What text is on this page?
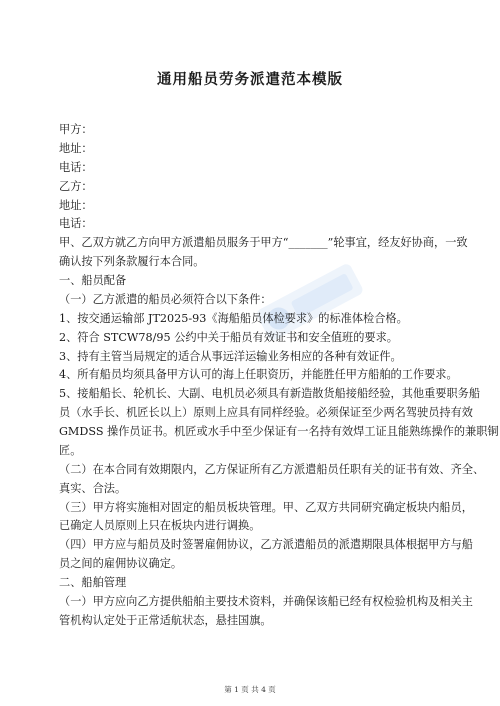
通用船员劳务派遣范本模版
甲方：
地址：
电话：
乙方：
地址：
电话：
甲、乙双方就乙方向甲方派遣船员服务于甲方“_______”轮事宜，经友好协商，一致
确认按下列条款履行本合同。
一、船员配备
（一）乙方派遣的船员必须符合以下条件：
1、按交通运输部 JT2025-93《海船船员体检要求》的标准体检合格。
2、符合 STCW78/95 公约中关于船员有效证书和安全值班的要求。
3、持有主管当局规定的适合从事远洋运输业务相应的各种有效证件。
4、所有船员均须具备甲方认可的海上任职资历，并能胜任甲方船舶的工作要求。
5、接船船长、轮机长、大副、电机员必须具有新造散货船接船经验，其他重要职务船
员（水手长、机匠长以上）原则上应具有同样经验。必须保证至少两名驾驶员持有效
GMDSS 操作员证书。机匠或水手中至少保证有一名持有效焊工证且能熟练操作的兼职铜
匠。
（二）在本合同有效期限内，乙方保证所有乙方派遣船员任职有关的证书有效、齐全、
真实、合法。
（三）甲方将实施相对固定的船员板块管理。甲、乙双方共同研究确定板块内船员，
已确定人员原则上只在板块内进行调换。
（四）甲方应与船员及时签署雇佣协议，乙方派遣船员的派遣期限具体根据甲方与船
员之间的雇佣协议确定。
二、船舶管理
（一）甲方应向乙方提供船舶主要技术资料，并确保该船已经有权检验机构及相关主
管机构认定处于正常适航状态，悬挂国旗。
第 1 页 共 4 页
